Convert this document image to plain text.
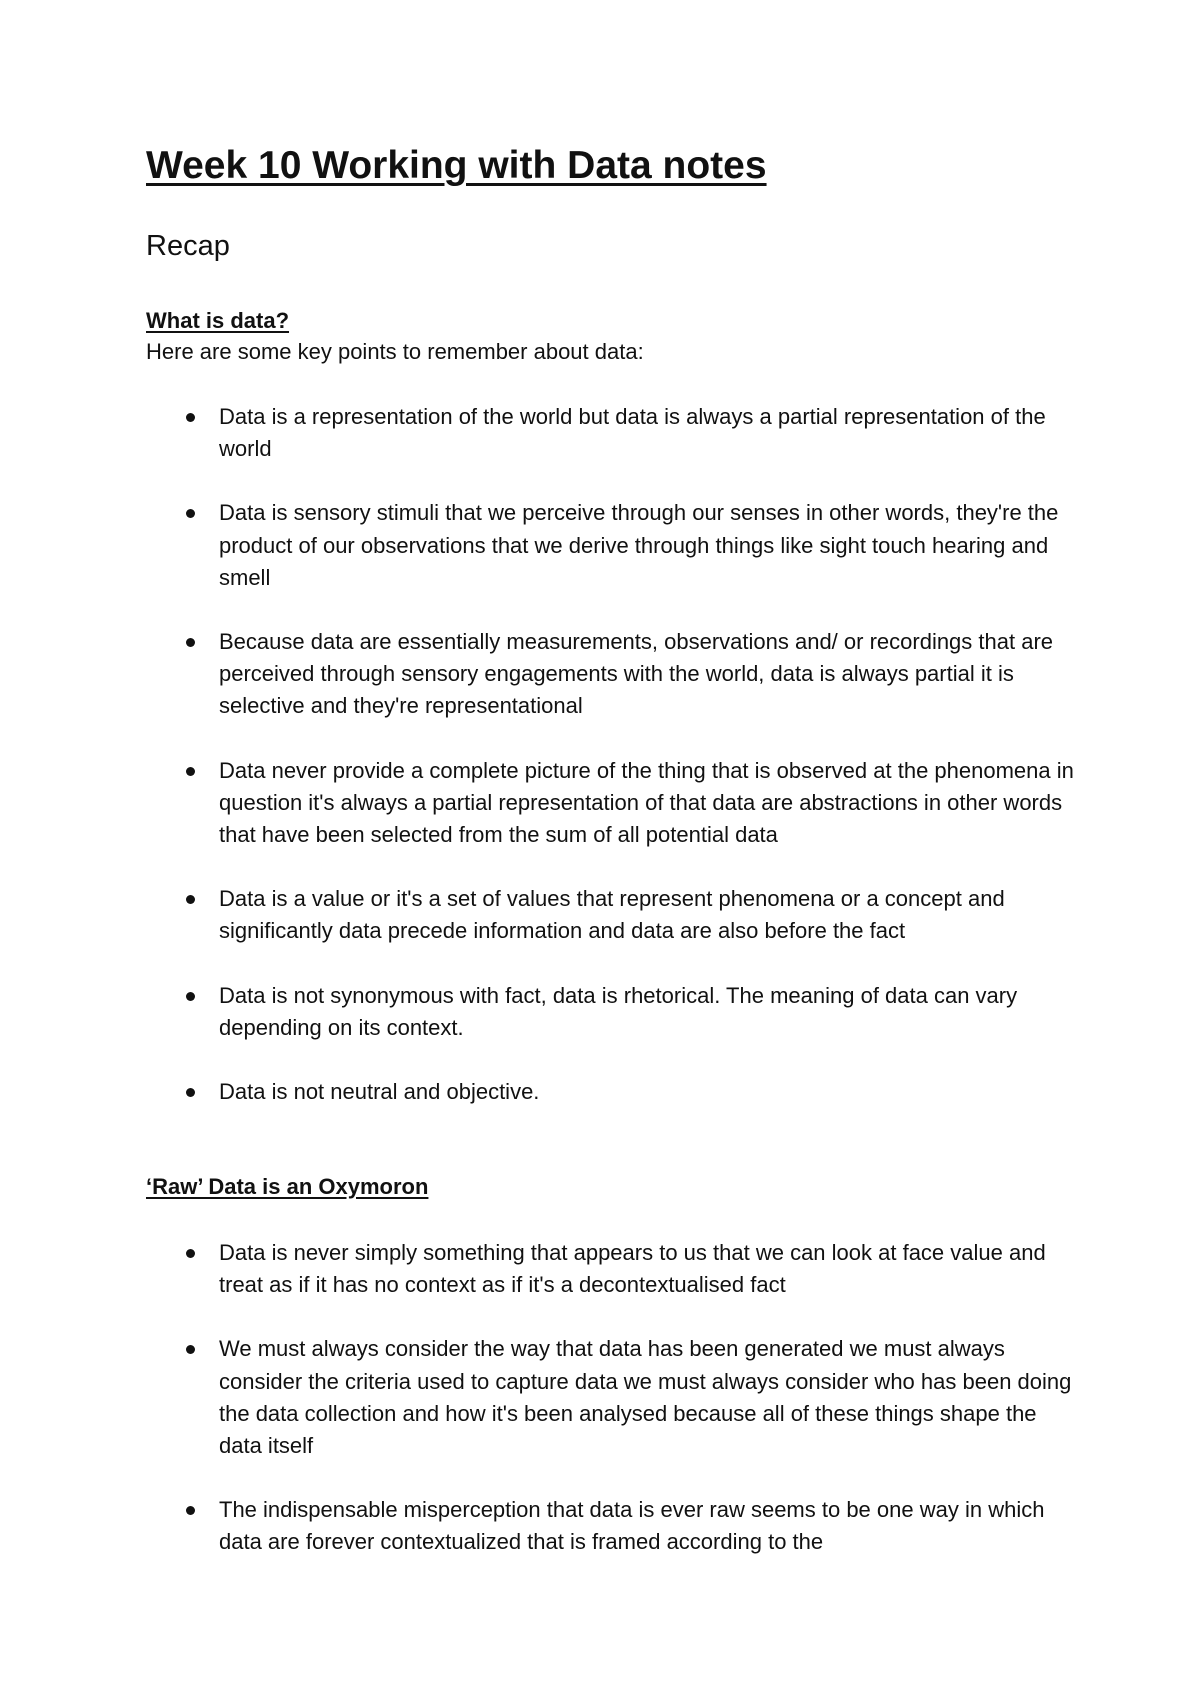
Week 10 Working with Data notes
Recap
What is data?

Here are some key points to remember about data:

Data is a representation of the world but data is always a partial representation of the world
Data is sensory stimuli that we perceive through our senses in other words, they're the product of our observations that we derive through things like sight touch hearing and smell
Because data are essentially measurements, observations and/ or recordings that are perceived through sensory engagements with the world, data is always partial it is selective and they're representational
Data never provide a complete picture of the thing that is observed at the phenomena in question it's always a partial representation of that data are abstractions in other words that have been selected from the sum of all potential data
Data is a value or it's a set of values that represent phenomena or a concept and significantly data precede information and data are also before the fact
Data is not synonymous with fact, data is rhetorical. The meaning of data can vary depending on its context.
Data is not neutral and objective.
‘Raw’ Data is an Oxymoron
Data is never simply something that appears to us that we can look at face value and treat as if it has no context as if it's a decontextualised fact
We must always consider the way that data has been generated we must always consider the criteria used to capture data we must always consider who has been doing the data collection and how it's been analysed because all of these things shape the data itself
The indispensable misperception that data is ever raw seems to be one way in which data are forever contextualized that is framed according to the
